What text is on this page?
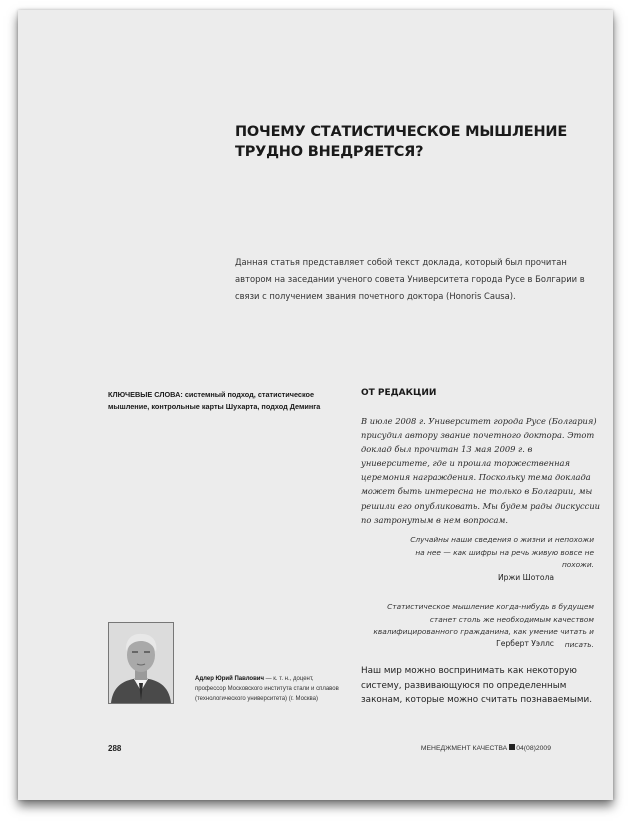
ПОЧЕМУ СТАТИСТИЧЕСКОЕ МЫШЛЕНИЕ ТРУДНО ВНЕДРЯЕТСЯ?

Данная статья представляет собой текст доклада, который был прочитан автором на заседании ученого совета Университета города Русе в Болгарии в связи с получением звания почетного доктора (Honoris Causa).

КЛЮЧЕВЫЕ СЛОВА: системный подход, статистическое мышление, контрольные карты Шухарта, подход Деминга

ОТ РЕДАКЦИИ

В июле 2008 г. Университет города Русе (Болгария) присудил автору звание почетного доктора. Этот доклад был прочитан 13 мая 2009 г. в университете, где и прошла торжественная церемония награждения. Поскольку тема доклада может быть интересна не только в Болгарии, мы решили его опубликовать. Мы будем рады дискуссии по затронутым в нем вопросам.

Случайны наши сведения о жизни и непохожи на нее — как шифры на речь живую вовсе не похожи.

Иржи Шотола

Статистическое мышление когда-нибудь в будущем станет столь же необходимым качеством квалифицированного гражданина, как умение читать и писать.

Герберт Уэллс

Наш мир можно воспринимать как некоторую систему, развивающуюся по определенным законам, которые можно считать познаваемыми.

Адлер Юрий Павлович — к. т. н., доцент, профессор Московского института стали и сплавов (технологического университета) (г. Москва)

288	МЕНЕДЖМЕНТ КАЧЕСТВА 04(08)2009
